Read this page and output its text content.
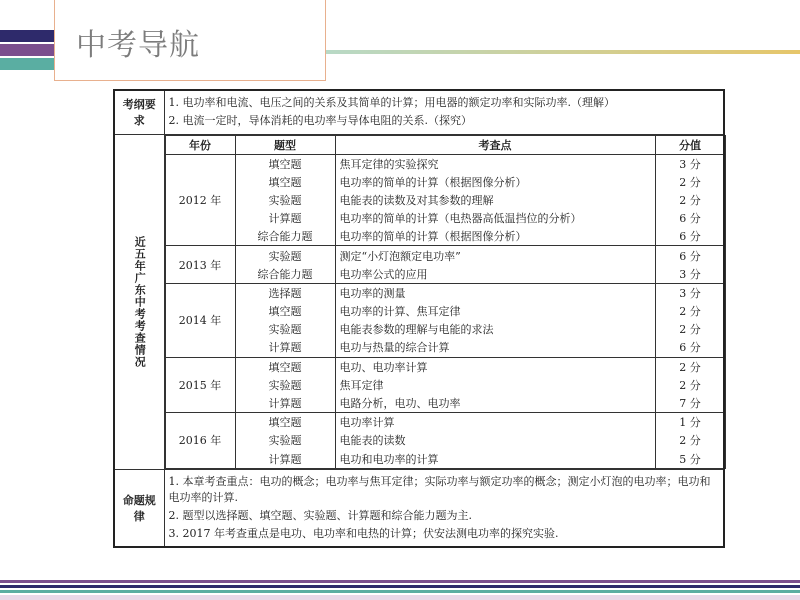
中考导航
考纲要求	

1. 电功率和电流、电压之间的关系及其简单的计算；用电器的额定功率和实际功率.（理解）

2. 电流一定时，导体消耗的电功率与导体电阻的关系.（探究）

近五年广东中考考查情况

年份	题型	考查点	分值
2012 年	填空题	焦耳定律的实验探究	3 分
填空题	电功率的简单的计算（根据图像分析）	2 分
实验题	电能表的读数及对其参数的理解	2 分
计算题	电功率的简单的计算（电热器高低温挡位的分析）	6 分
综合能力题	电功率的简单的计算（根据图像分析）	6 分
2013 年	实验题	测定“小灯泡额定电功率”	6 分
综合能力题	电功率公式的应用	3 分
2014 年	选择题	电功率的测量	3 分
填空题	电功率的计算、焦耳定律	2 分
实验题	电能表参数的理解与电能的求法	2 分
计算题	电功与热量的综合计算	6 分
2015 年	填空题	电功、电功率计算	2 分
实验题	焦耳定律	2 分
计算题	电路分析，电功、电功率	7 分
2016 年	填空题	电功率计算	1 分
实验题	电能表的读数	2 分
计算题	电功和电功率的计算	5 分

命题规律	

1. 本章考查重点：电功的概念；电功率与焦耳定律；实际功率与额定功率的概念；测定小灯泡的电功率；电功和电功率的计算.

2. 题型以选择题、填空题、实验题、计算题和综合能力题为主.

3. 2017 年考查重点是电功、电功率和电热的计算；伏安法测电功率的探究实验.
